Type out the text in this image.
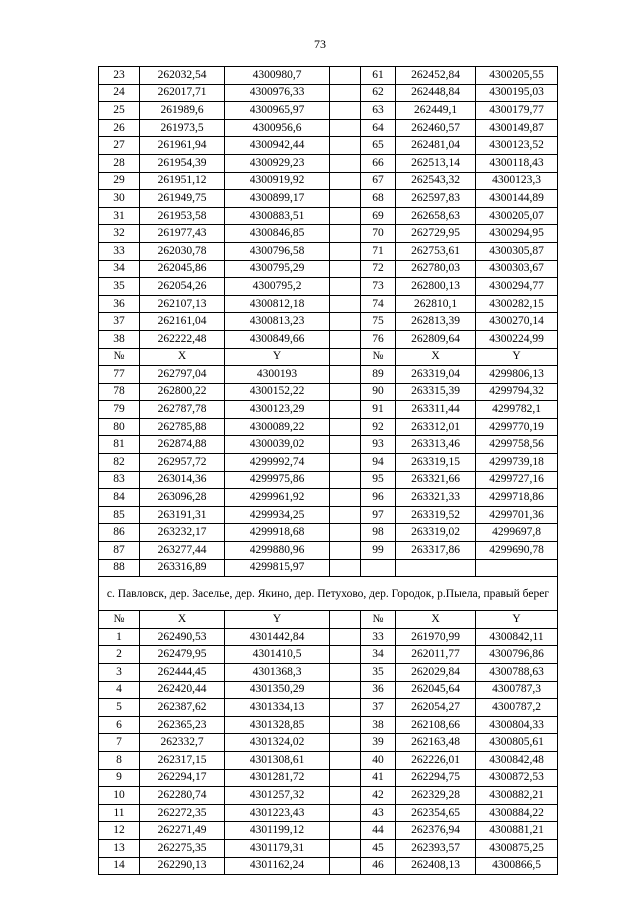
73
23	262032,54	4300980,7		61	262452,84	4300205,55
24	262017,71	4300976,33		62	262448,84	4300195,03
25	261989,6	4300965,97		63	262449,1	4300179,77
26	261973,5	4300956,6		64	262460,57	4300149,87
27	261961,94	4300942,44		65	262481,04	4300123,52
28	261954,39	4300929,23		66	262513,14	4300118,43
29	261951,12	4300919,92		67	262543,32	4300123,3
30	261949,75	4300899,17		68	262597,83	4300144,89
31	261953,58	4300883,51		69	262658,63	4300205,07
32	261977,43	4300846,85		70	262729,95	4300294,95
33	262030,78	4300796,58		71	262753,61	4300305,87
34	262045,86	4300795,29		72	262780,03	4300303,67
35	262054,26	4300795,2		73	262800,13	4300294,77
36	262107,13	4300812,18		74	262810,1	4300282,15
37	262161,04	4300813,23		75	262813,39	4300270,14
38	262222,48	4300849,66		76	262809,64	4300224,99
№	X	Y		№	X	Y
77	262797,04	4300193		89	263319,04	4299806,13
78	262800,22	4300152,22		90	263315,39	4299794,32
79	262787,78	4300123,29		91	263311,44	4299782,1
80	262785,88	4300089,22		92	263312,01	4299770,19
81	262874,88	4300039,02		93	263313,46	4299758,56
82	262957,72	4299992,74		94	263319,15	4299739,18
83	263014,36	4299975,86		95	263321,66	4299727,16
84	263096,28	4299961,92		96	263321,33	4299718,86
85	263191,31	4299934,25		97	263319,52	4299701,36
86	263232,17	4299918,68		98	263319,02	4299697,8
87	263277,44	4299880,96		99	263317,86	4299690,78
88	263316,89	4299815,97				
с. Павловск, дер. Заселье, дер. Якино, дер. Петухово, дер. Городок, р.Пыела, правый берег						
№	X	Y		№	X	Y
1	262490,53	4301442,84		33	261970,99	4300842,11
2	262479,95	4301410,5		34	262011,77	4300796,86
3	262444,45	4301368,3		35	262029,84	4300788,63
4	262420,44	4301350,29		36	262045,64	4300787,3
5	262387,62	4301334,13		37	262054,27	4300787,2
6	262365,23	4301328,85		38	262108,66	4300804,33
7	262332,7	4301324,02		39	262163,48	4300805,61
8	262317,15	4301308,61		40	262226,01	4300842,48
9	262294,17	4301281,72		41	262294,75	4300872,53
10	262280,74	4301257,32		42	262329,28	4300882,21
11	262272,35	4301223,43		43	262354,65	4300884,22
12	262271,49	4301199,12		44	262376,94	4300881,21
13	262275,35	4301179,31		45	262393,57	4300875,25
14	262290,13	4301162,24		46	262408,13	4300866,5
